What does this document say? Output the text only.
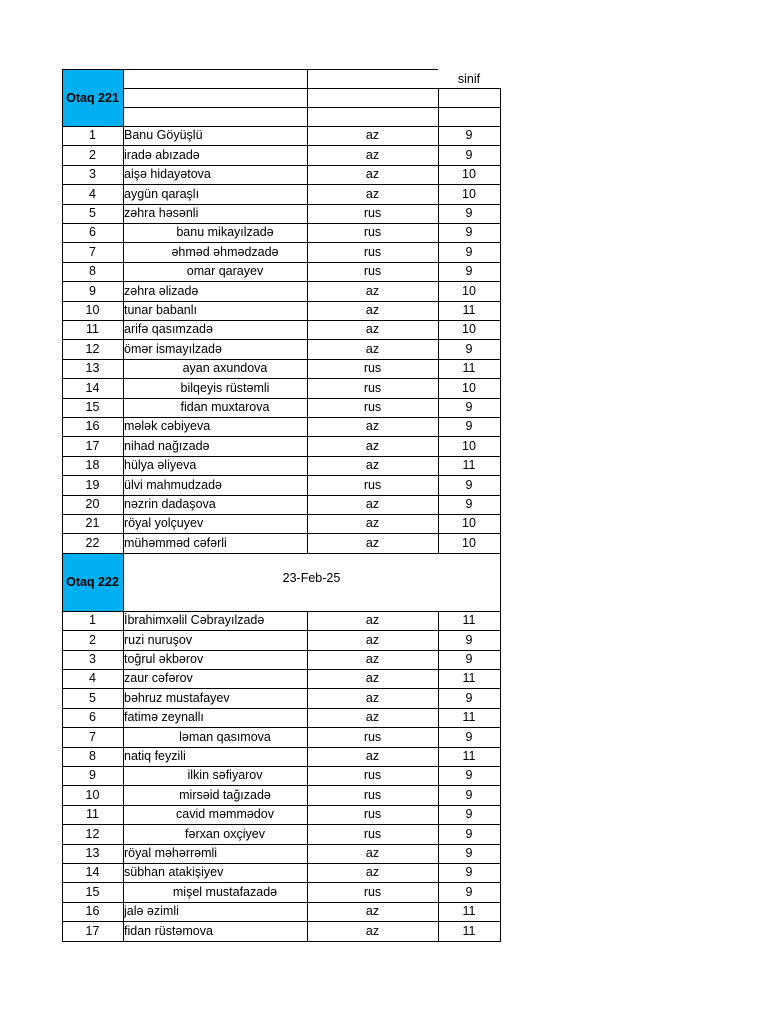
sinif
Otaq 221
1	Banu Göyüşlü	az	9
2	iradə abızadə	az	9
3	aişə hidayətova	az	10
4	aygün qaraşlı	az	10
5	zəhra həsənli	rus	9
6	banu mikayılzadə	rus	9
7	əhməd əhmədzadə	rus	9
8	omar qarayev	rus	9
9	zəhra əlizadə	az	10
10	tunar babanlı	az	11
11	arifə qasımzadə	az	10
12	ömər ismayılzadə	az	9
13	ayan axundova	rus	11
14	bilqeyis rüstəmli	rus	10
15	fidan muxtarova	rus	9
16	mələk cəbiyeva	az	9
17	nihad nağızadə	az	10
18	hülya əliyeva	az	11
19	ülvi mahmudzadə	rus	9
20	nəzrin dadaşova	az	9
21	röyal yolçuyev	az	10
22	mühəmməd cəfərli	az	10
Otaq 222	23-Feb-25
1	İbrahimxəlil Cəbrayılzadə	az	11
2	ruzi nuruşov	az	9
3	toğrul əkbərov	az	9
4	zaur cəfərov	az	11
5	bəhruz mustafayev	az	9
6	fatimə zeynallı	az	11
7	ləman qasımova	rus	9
8	natiq feyzili	az	11
9	ilkin səfiyarov	rus	9
10	mirsəid tağızadə	rus	9
11	cavid məmmədov	rus	9
12	fərxan oxçiyev	rus	9
13	röyal məhərrəmli	az	9
14	sübhan atakişiyev	az	9
15	mişel mustafazadə	rus	9
16	jalə əzimli	az	11
17	fidan rüstəmova	az	11
